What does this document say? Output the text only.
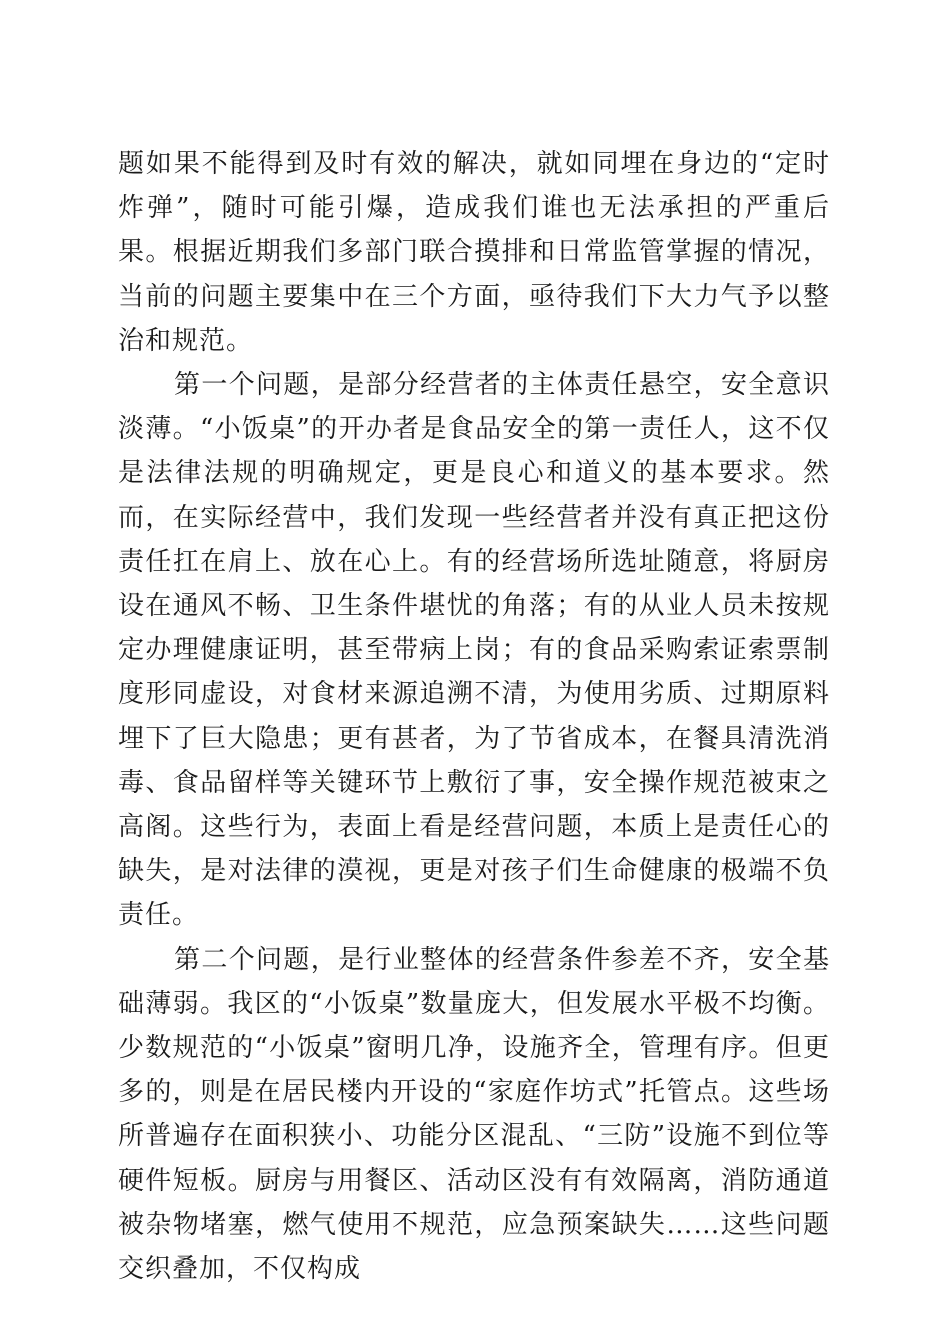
题如果不能得到及时有效的解决，就如同埋在身边的“定时炸弹”，随时可能引爆，造成我们谁也无法承担的严重后果。根据近期我们多部门联合摸排和日常监管掌握的情况，当前的问题主要集中在三个方面，亟待我们下大力气予以整治和规范。

第一个问题，是部分经营者的主体责任悬空，安全意识淡薄。“小饭桌”的开办者是食品安全的第一责任人，这不仅是法律法规的明确规定，更是良心和道义的基本要求。然而，在实际经营中，我们发现一些经营者并没有真正把这份责任扛在肩上、放在心上。有的经营场所选址随意，将厨房设在通风不畅、卫生条件堪忧的角落；有的从业人员未按规定办理健康证明，甚至带病上岗；有的食品采购索证索票制度形同虚设，对食材来源追溯不清，为使用劣质、过期原料埋下了巨大隐患；更有甚者，为了节省成本，在餐具清洗消毒、食品留样等关键环节上敷衍了事，安全操作规范被束之高阁。这些行为，表面上看是经营问题，本质上是责任心的缺失，是对法律的漠视，更是对孩子们生命健康的极端不负责任。

第二个问题，是行业整体的经营条件参差不齐，安全基础薄弱。我区的“小饭桌”数量庞大，但发展水平极不均衡。少数规范的“小饭桌”窗明几净，设施齐全，管理有序。但更多的，则是在居民楼内开设的“家庭作坊式”托管点。这些场所普遍存在面积狭小、功能分区混乱、“三防”设施不到位等硬件短板。厨房与用餐区、活动区没有有效隔离，消防通道被杂物堵塞，燃气使用不规范，应急预案缺失……这些问题交织叠加，不仅构成
